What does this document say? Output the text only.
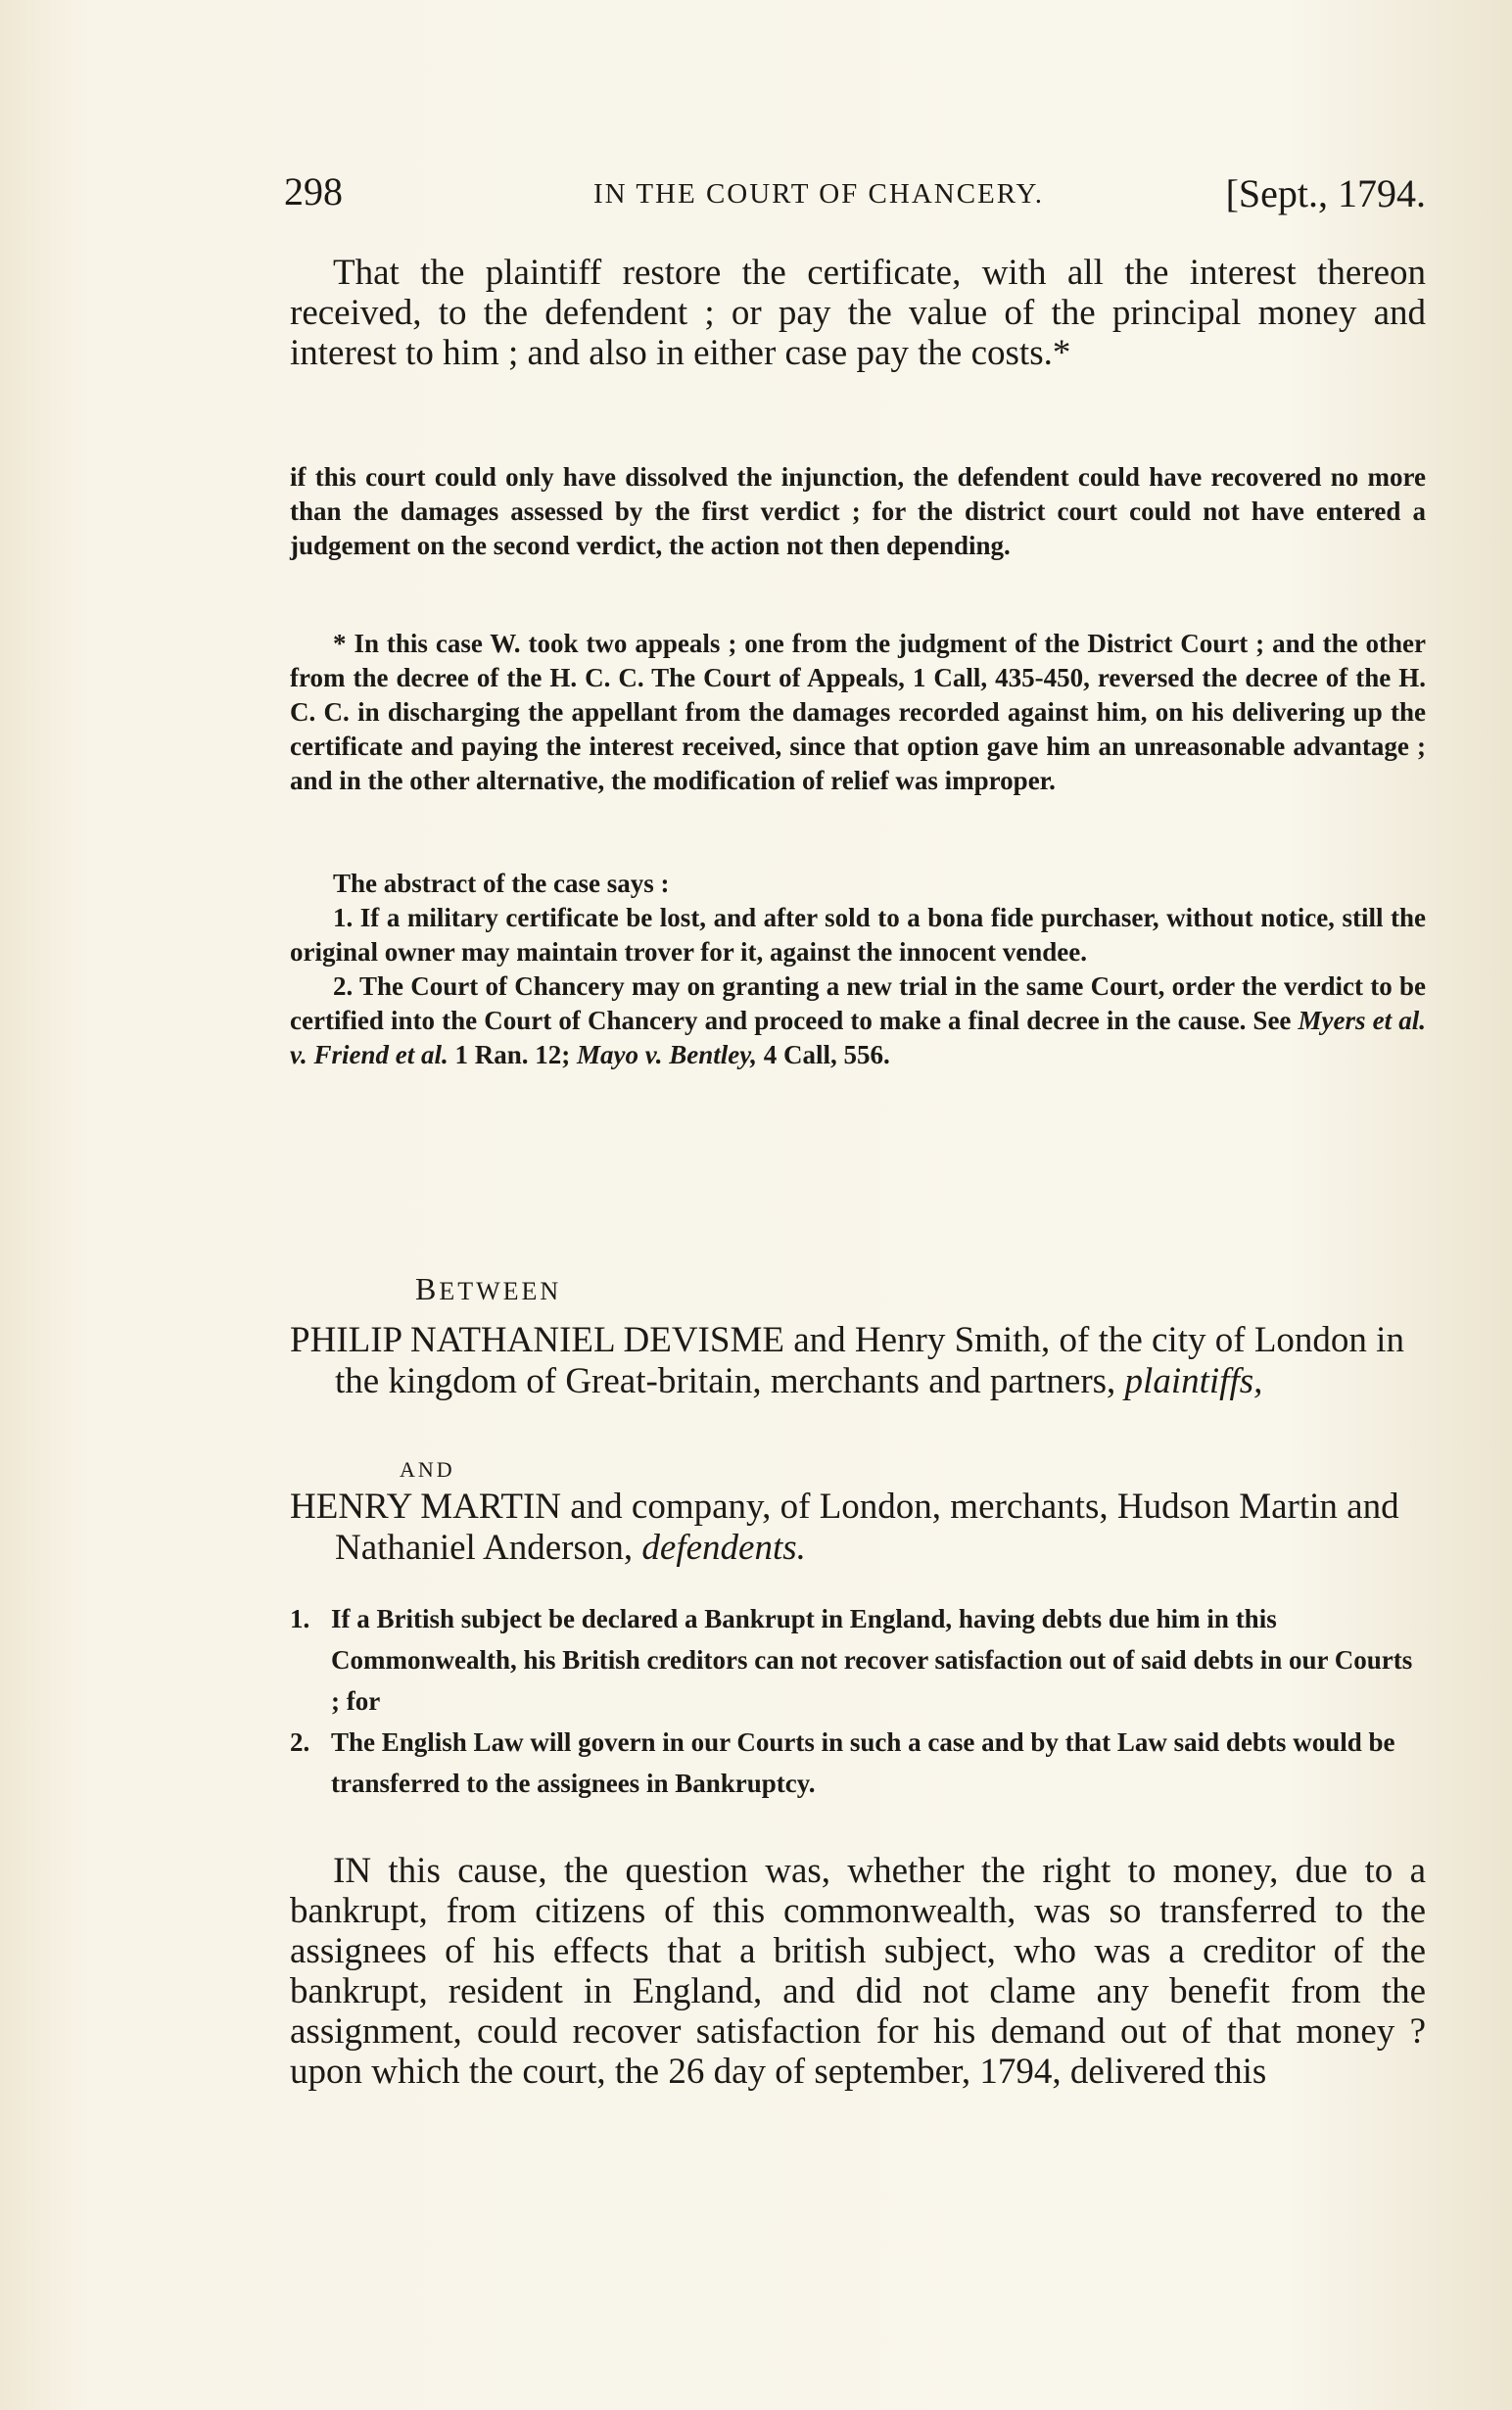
298	IN THE COURT OF CHANCERY.	[Sept., 1794.
That the plaintiff restore the certificate, with all the interest thereon received, to the defendent ; or pay the value of the principal money and interest to him ; and also in either case pay the costs.*
if this court could only have dissolved the injunction, the defendent could have recovered no more than the damages assessed by the first verdict ; for the district court could not have entered a judgement on the second verdict, the action not then depending.
* In this case W. took two appeals ; one from the judgment of the District Court ; and the other from the decree of the H. C. C. The Court of Appeals, 1 Call, 435-450, reversed the decree of the H. C. C. in discharging the appellant from the damages recorded against him, on his delivering up the certificate and paying the interest received, since that option gave him an unreasonable advantage ; and in the other alternative, the modification of relief was improper.

The abstract of the case says :

1. If a military certificate be lost, and after sold to a bona fide purchaser, without notice, still the original owner may maintain trover for it, against the innocent vendee.

2. The Court of Chancery may on granting a new trial in the same Court, order the verdict to be certified into the Court of Chancery and proceed to make a final decree in the cause. See Myers et al. v. Friend et al. 1 Ran. 12; Mayo v. Bentley, 4 Call, 556.

BETWEEN
PHILIP NATHANIEL DEVISME and Henry Smith, of the city of London in the kingdom of Great-britain, merchants and partners, plaintiffs,
AND
HENRY MARTIN and company, of London, merchants, Hudson Martin and Nathaniel Anderson, defendents.
1. If a British subject be declared a Bankrupt in England, having debts due him in this Commonwealth, his British creditors can not recover satisfaction out of said debts in our Courts ; for
2. The English Law will govern in our Courts in such a case and by that Law said debts would be transferred to the assignees in Bankruptcy.
IN this cause, the question was, whether the right to money, due to a bankrupt, from citizens of this commonwealth, was so transferred to the assignees of his effects that a british subject, who was a creditor of the bankrupt, resident in England, and did not clame any benefit from the assignment, could recover satisfaction for his demand out of that money ? upon which the court, the 26 day of september, 1794, delivered this
